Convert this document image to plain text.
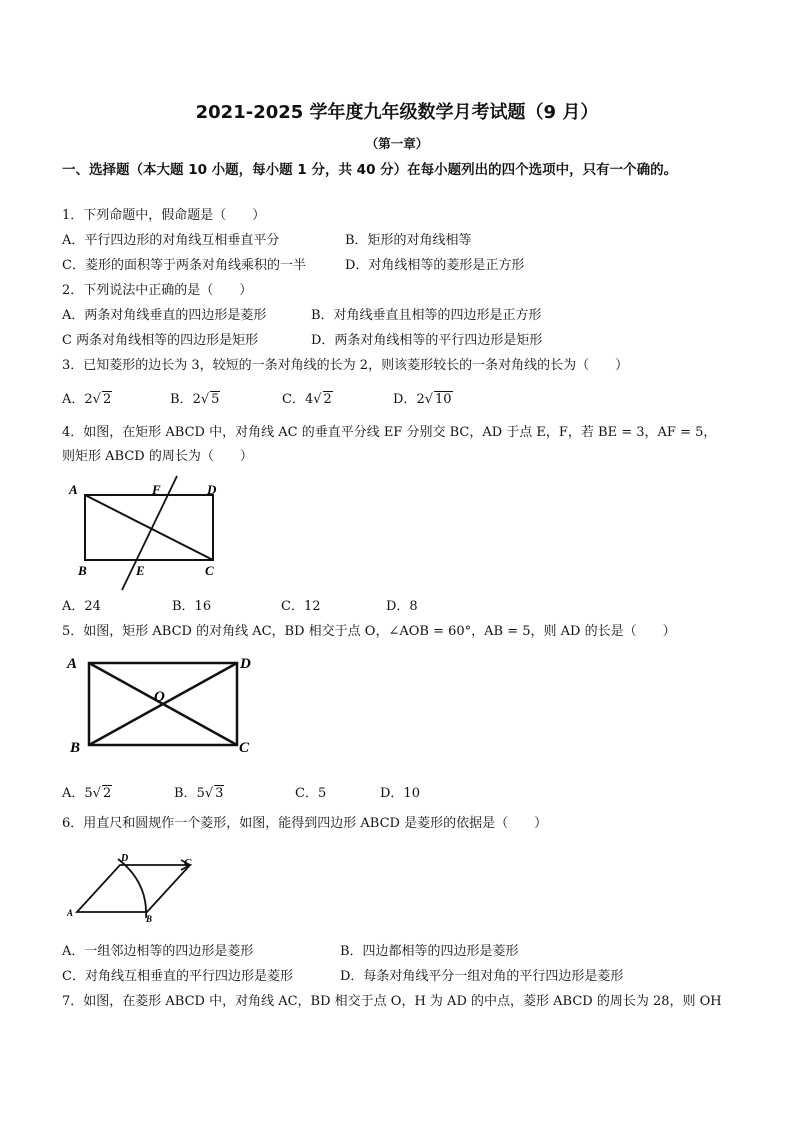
2021-2025 学年度九年级数学月考试题（9 月）
（第一章）
一、选择题（本大题 10 小题，每小题 1 分，共 40 分）在每小题列出的四个选项中，只有一个确的。
1．下列命题中，假命题是（　　）
A．平行四边形的对角线互相垂直平分	B．矩形的对角线相等
C．菱形的面积等于两条对角线乘积的一半	D．对角线相等的菱形是正方形
2．下列说法中正确的是（　　）
A．两条对角线垂直的四边形是菱形	B．对角线垂直且相等的四边形是正方形
C 两条对角线相等的四边形是矩形	D．两条对角线相等的平行四边形是矩形
3．已知菱形的边长为 3，较短的一条对角线的长为 2，则该菱形较长的一条对角线的长为（　　）
A．2√ 2	B．2√ 5	C．4√ 2	D．2√ 10
4．如图，在矩形 ABCD 中，对角线 AC 的垂直平分线 EF 分别交 BC，AD 于点 E，F，若 BE = 3，AF = 5，
则矩形 ABCD 的周长为（　　）
A	F	D
B	E	C
A．24	B．16	C．12	D．8
5．如图，矩形 ABCD 的对角线 AC，BD 相交于点 O，∠AOB = 60°，AB = 5，则 AD 的长是（　　）
A	D
O
B	C
A．5√ 2	B．5√ 3	C．5	D．10
6．用直尺和圆规作一个菱形，如图，能得到四边形 ABCD 是菱形的依据是（　　）
A
B
C
D
A．一组邻边相等的四边形是菱形	B．四边都相等的四边形是菱形
C．对角线互相垂直的平行四边形是菱形	D．每条对角线平分一组对角的平行四边形是菱形
7．如图，在菱形 ABCD 中，对角线 AC，BD 相交于点 O，H 为 AD 的中点，菱形 ABCD 的周长为 28，则 OH
